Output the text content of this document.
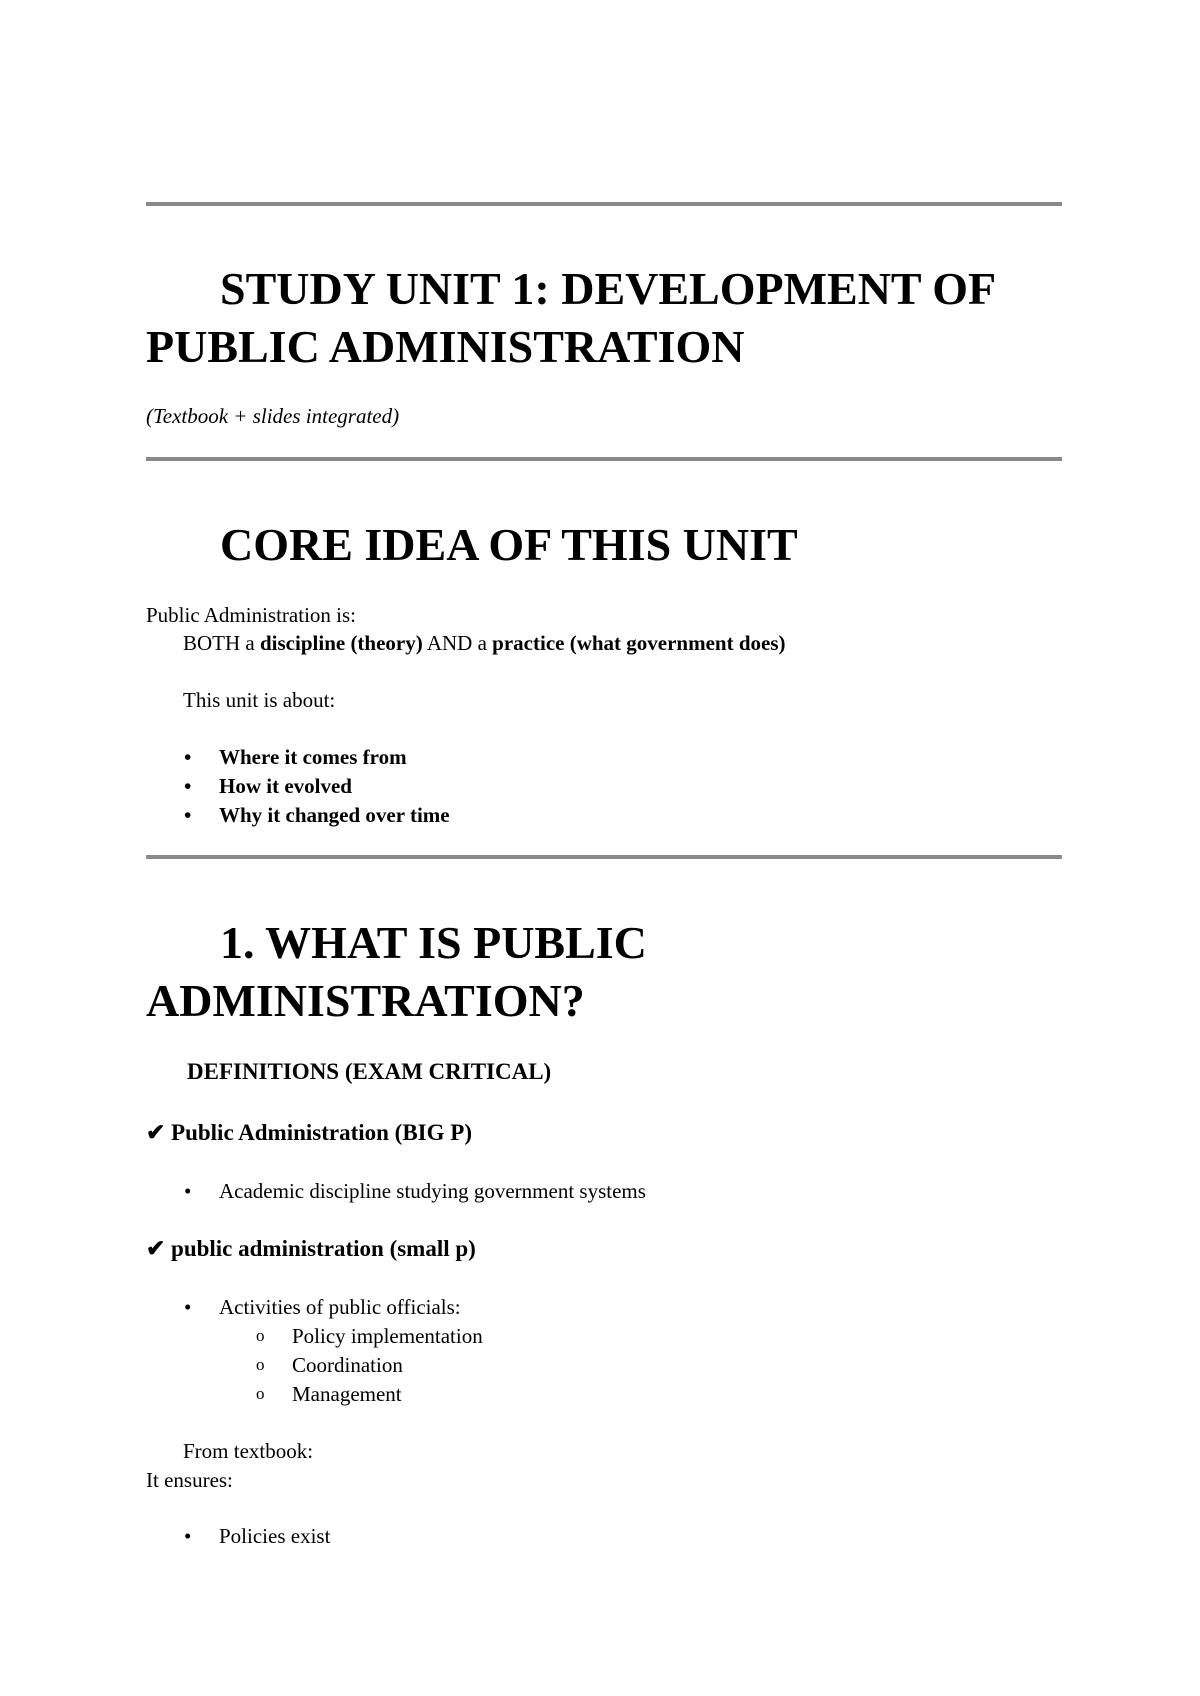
STUDY UNIT 1: DEVELOPMENT OF
PUBLIC ADMINISTRATION
(Textbook + slides integrated)
CORE IDEA OF THIS UNIT
Public Administration is:
BOTH a discipline (theory) AND a practice (what government does)
This unit is about:
• Where it comes from
• How it evolved
• Why it changed over time
1. WHAT IS PUBLIC
ADMINISTRATION?
DEFINITIONS (EXAM CRITICAL)
✔ Public Administration (BIG P)
• Academic discipline studying government systems
✔ public administration (small p)
• Activities of public officials:
o Policy implementation
o Coordination
o Management
From textbook:
It ensures:
• Policies exist
